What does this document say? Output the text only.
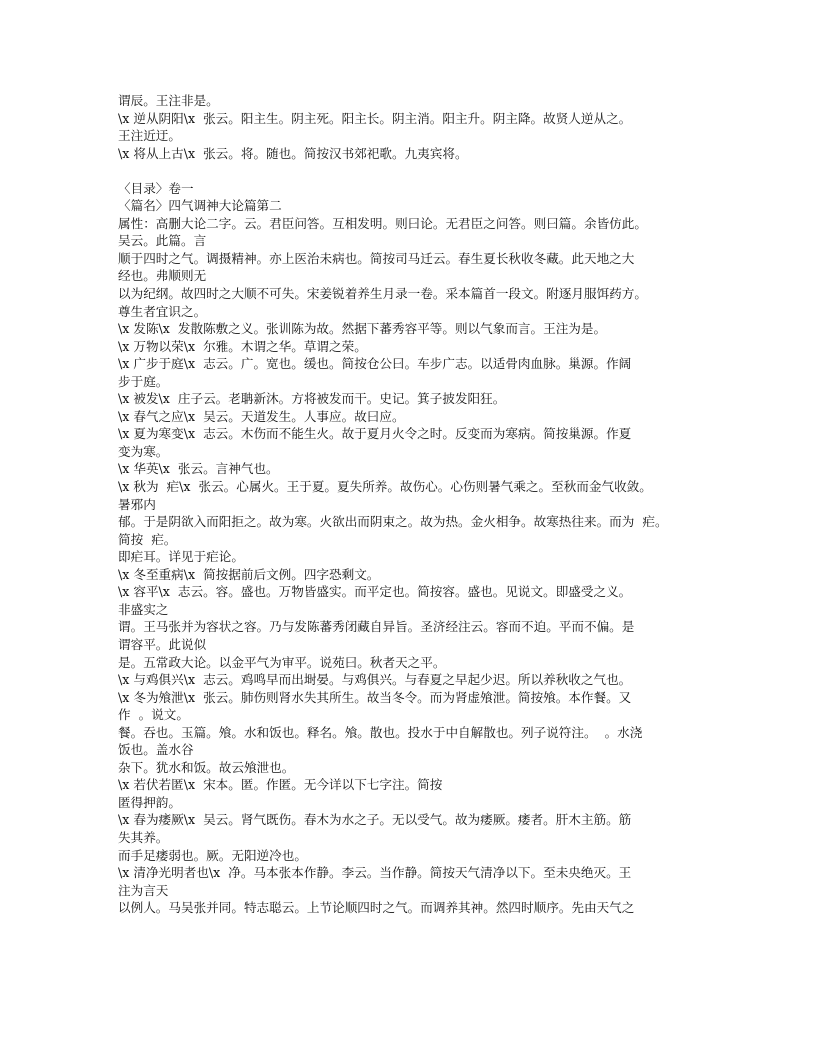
谓辰。王注非是。
\x 逆从阴阳\x  张云。阳主生。阴主死。阳主长。阴主消。阳主升。阴主降。故贤人逆从之。
王注近迂。
\x 将从上古\x  张云。将。随也。简按汉书郊祀歌。九夷宾将。
〈目录〉卷一
〈篇名〉四气调神大论篇第二
属性：高删大论二字。云。君臣问答。互相发明。则曰论。无君臣之问答。则曰篇。余皆仿此。
吴云。此篇。言
顺于四时之气。调摄精神。亦上医治未病也。简按司马迁云。春生夏长秋收冬藏。此天地之大
经也。弗顺则无
以为纪纲。故四时之大顺不可失。宋姜锐着养生月录一卷。采本篇首一段文。附逐月服饵药方。
尊生者宜识之。
\x 发陈\x  发散陈敷之义。张训陈为故。然据下蕃秀容平等。则以气象而言。王注为是。
\x 万物以荣\x  尔雅。木谓之华。草谓之荣。
\x 广步于庭\x  志云。广。宽也。缓也。简按仓公曰。车步广志。以适骨肉血脉。巢源。作阔
步于庭。
\x 被发\x  庄子云。老聃新沐。方将被发而干。史记。箕子披发阳狂。
\x 春气之应\x  吴云。天道发生。人事应。故曰应。
\x 夏为寒变\x  志云。木伤而不能生火。故于夏月火令之时。反变而为寒病。简按巢源。作夏
变为寒。
\x 华英\x  张云。言神气也。
\x 秋为  疟\x  张云。心属火。王于夏。夏失所养。故伤心。心伤则暑气乘之。至秋而金气收敛。
暑邪内
郁。于是阴欲入而阳拒之。故为寒。火欲出而阴束之。故为热。金火相争。故寒热往来。而为  疟。
简按  疟。
即疟耳。详见于疟论。
\x 冬至重病\x  简按据前后文例。四字恐剩文。
\x 容平\x  志云。容。盛也。万物皆盛实。而平定也。简按容。盛也。见说文。即盛受之义。
非盛实之
谓。王马张并为容状之容。乃与发陈蕃秀闭藏自异旨。圣济经注云。容而不迫。平而不偏。是
谓容平。此说似
是。五常政大论。以金平气为审平。说苑曰。秋者天之平。
\x 与鸡俱兴\x  志云。鸡鸣早而出埘晏。与鸡俱兴。与春夏之早起少迟。所以养秋收之气也。
\x 冬为飧泄\x  张云。肺伤则肾水失其所生。故当冬令。而为肾虚飧泄。简按飧。本作餐。又
作  。说文。
餐。吞也。玉篇。飧。水和饭也。释名。飧。散也。投水于中自解散也。列子说符注。  。水浇
饭也。盖水谷
杂下。犹水和饭。故云飧泄也。
\x 若伏若匿\x  宋本。匿。作匿。无今详以下七字注。简按
匿得押韵。
\x 春为痿厥\x  吴云。肾气既伤。春木为水之子。无以受气。故为痿厥。痿者。肝木主筋。筋
失其养。
而手足痿弱也。厥。无阳逆冷也。
\x 清净光明者也\x  净。马本张本作静。李云。当作静。简按天气清净以下。至未央绝灭。王
注为言天
以例人。马吴张并同。特志聪云。上节论顺四时之气。而调养其神。然四时顺序。先由天气之
